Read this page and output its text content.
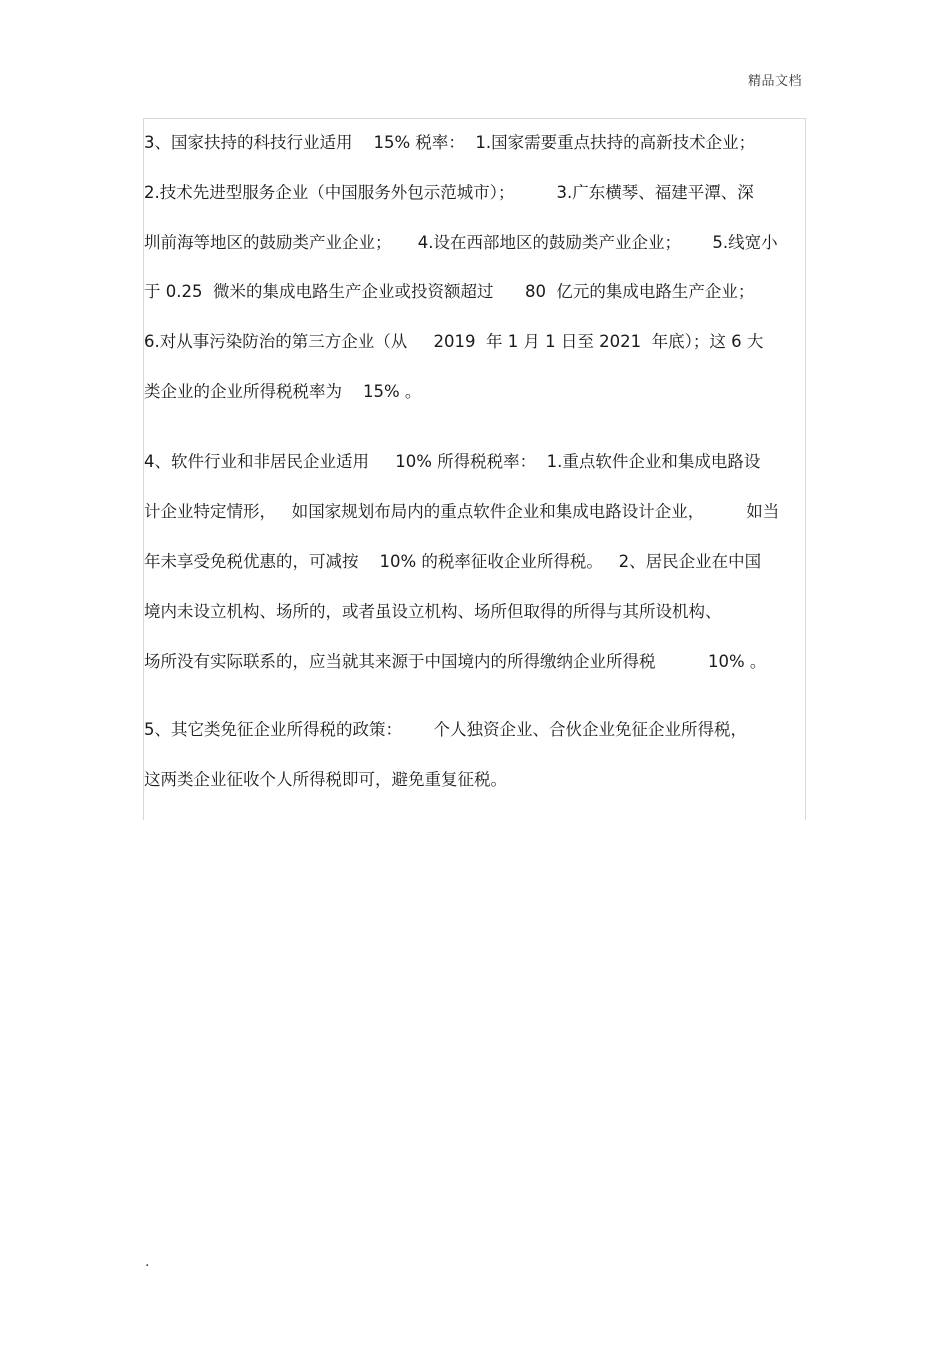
精品文档
3、国家扶持的科技行业适用    15% 税率：  1.国家需要重点扶持的高新技术企业；
2.技术先进型服务企业（中国服务外包示范城市）；        3.广东横琴、福建平潭、深
圳前海等地区的鼓励类产业企业；     4.设在西部地区的鼓励类产业企业；      5.线宽小
于 0.25  微米的集成电路生产企业或投资额超过      80  亿元的集成电路生产企业；
6.对从事污染防治的第三方企业（从     2019  年 1 月 1 日至 2021  年底）；这 6 大
类企业的企业所得税税率为    15% 。
4、软件行业和非居民企业适用     10% 所得税税率：  1.重点软件企业和集成电路设
计企业特定情形，   如国家规划布局内的重点软件企业和集成电路设计企业，        如当
年未享受免税优惠的，可减按    10% 的税率征收企业所得税。   2、居民企业在中国
境内未设立机构、场所的，或者虽设立机构、场所但取得的所得与其所设机构、
场所没有实际联系的，应当就其来源于中国境内的所得缴纳企业所得税          10% 。
5、其它类免征企业所得税的政策：      个人独资企业、合伙企业免征企业所得税，
这两类企业征收个人所得税即可，避免重复征税。
.
